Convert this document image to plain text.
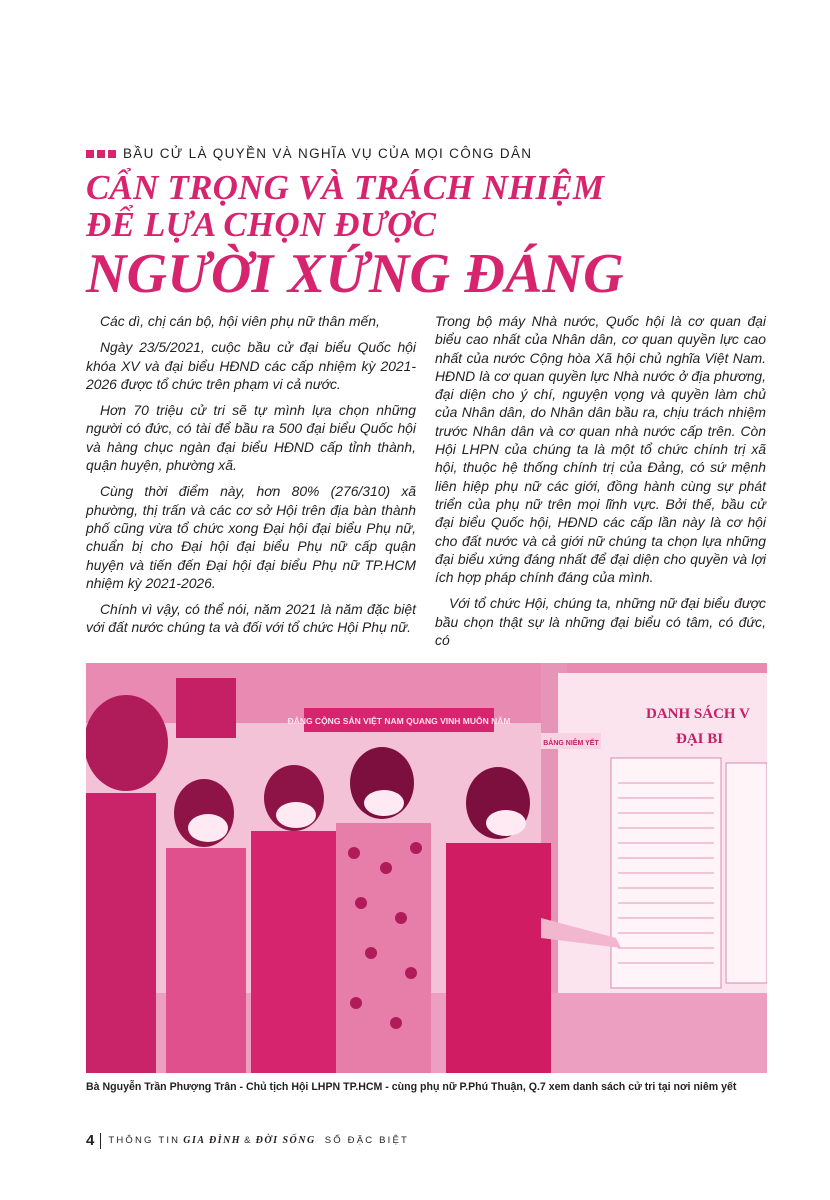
BẦU CỬ LÀ QUYỀN VÀ NGHĨA VỤ CỦA MỌI CÔNG DÂN
CẨN TRỌNG VÀ TRÁCH NHIỆM
ĐỂ LỰA CHỌN ĐƯỢC
NGƯỜI XỨNG ĐÁNG

Các dì, chị cán bộ, hội viên phụ nữ thân mến,

Ngày 23/5/2021, cuộc bầu cử đại biểu Quốc hội khóa XV và đại biểu HĐND các cấp nhiệm kỳ 2021-2026 được tổ chức trên phạm vi cả nước.

Hơn 70 triệu cử tri sẽ tự mình lựa chọn những người có đức, có tài để bầu ra 500 đại biểu Quốc hội và hàng chục ngàn đại biểu HĐND cấp tỉnh thành, quận huyện, phường xã.

Cùng thời điểm này, hơn 80% (276/310) xã phường, thị trấn và các cơ sở Hội trên địa bàn thành phố cũng vừa tổ chức xong Đại hội đại biểu Phụ nữ, chuẩn bị cho Đại hội đại biểu Phụ nữ cấp quận huyện và tiến đến Đại hội đại biểu Phụ nữ TP.HCM nhiệm kỳ 2021-2026.

Chính vì vậy, có thể nói, năm 2021 là năm đặc biệt với đất nước chúng ta và đối với tổ chức Hội Phụ nữ.

Trong bộ máy Nhà nước, Quốc hội là cơ quan đại biểu cao nhất của Nhân dân, cơ quan quyền lực cao nhất của nước Cộng hòa Xã hội chủ nghĩa Việt Nam. HĐND là cơ quan quyền lực Nhà nước ở địa phương, đại diện cho ý chí, nguyện vọng và quyền làm chủ của Nhân dân, do Nhân dân bầu ra, chịu trách nhiệm trước Nhân dân và cơ quan nhà nước cấp trên. Còn Hội LHPN của chúng ta là một tổ chức chính trị xã hội, thuộc hệ thống chính trị của Đảng, có sứ mệnh liên hiệp phụ nữ các giới, đồng hành cùng sự phát triển của phụ nữ trên mọi lĩnh vực. Bởi thế, bầu cử đại biểu Quốc hội, HĐND các cấp lần này là cơ hội cho đất nước và cả giới nữ chúng ta chọn lựa những đại biểu xứng đáng nhất để đại diện cho quyền và lợi ích hợp pháp chính đáng của mình.

Với tổ chức Hội, chúng ta, những nữ đại biểu được bầu chọn thật sự là những đại biểu có tâm, có đức, có

ĐẢNG CỘNG SẢN VIỆT NAM QUANG VINH MUÔN NĂM	DANH SÁCH V
ĐẠI BI
BẢNG NIÊM YẾT
Bà Nguyễn Trần Phượng Trân - Chủ tịch Hội LHPN TP.HCM - cùng phụ nữ P.Phú Thuận, Q.7 xem danh sách cử tri tại nơi niêm yết
4 THÔNG TIN GIA ĐÌNH & ĐỜI SỐNG SỐ ĐẶC BIỆT
